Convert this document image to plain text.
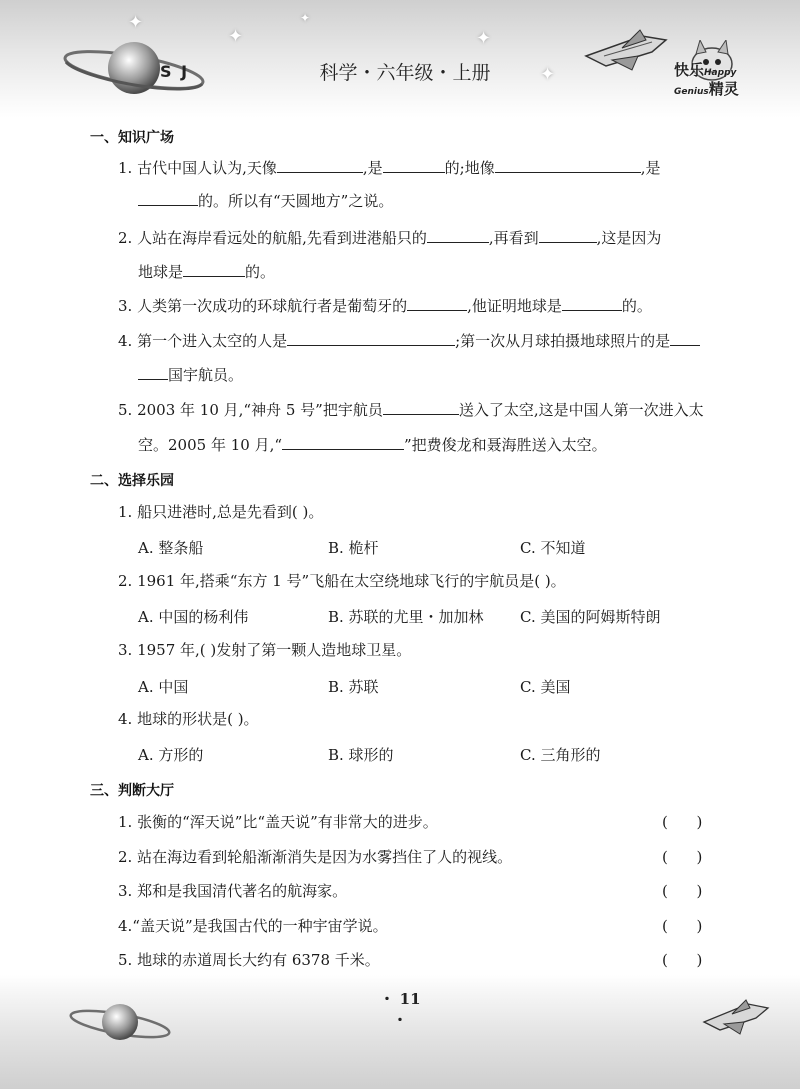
✦
✦	✦
✦
✦
S J	科学・六年级・上册	快乐Happy
Genius精灵
一、知识广场
1. 古代中国人认为,天像	,是	的;地像	,是
的。所以有“天圆地方”之说。
2. 人站在海岸看远处的航船,先看到进港船只的	,再看到	,这是因为
地球是	的。
3. 人类第一次成功的环球航行者是葡萄牙的	,他证明地球是	的。
4. 第一个进入太空的人是	;第一次从月球拍摄地球照片的是
国宇航员。
5. 2003 年 10 月,“神舟 5 号”把宇航员	送入了太空,这是中国人第一次进入太
空。2005 年 10 月,“	”把费俊龙和聂海胜送入太空。
二、选择乐园
1. 船只进港时,总是先看到( )。
A. 整条船	B. 桅杆	C. 不知道
2. 1961 年,搭乘“东方 1 号”飞船在太空绕地球飞行的宇航员是( )。
A. 中国的杨利伟	B. 苏联的尤里・加加林 C. 美国的阿姆斯特朗
3. 1957 年,( )发射了第一颗人造地球卫星。
A. 中国	B. 苏联	C. 美国
4. 地球的形状是( )。
A. 方形的	B. 球形的	C. 三角形的
三、判断大厅
1. 张衡的“浑天说”比“盖天说”有非常大的进步。	(      )
2. 站在海边看到轮船渐渐消失是因为水雾挡住了人的视线。	(      )
3. 郑和是我国清代著名的航海家。	(      )
4.“盖天说”是我国古代的一种宇宙学说。	(      )
5. 地球的赤道周长大约有 6378 千米。	(      )
・ 11 ・
